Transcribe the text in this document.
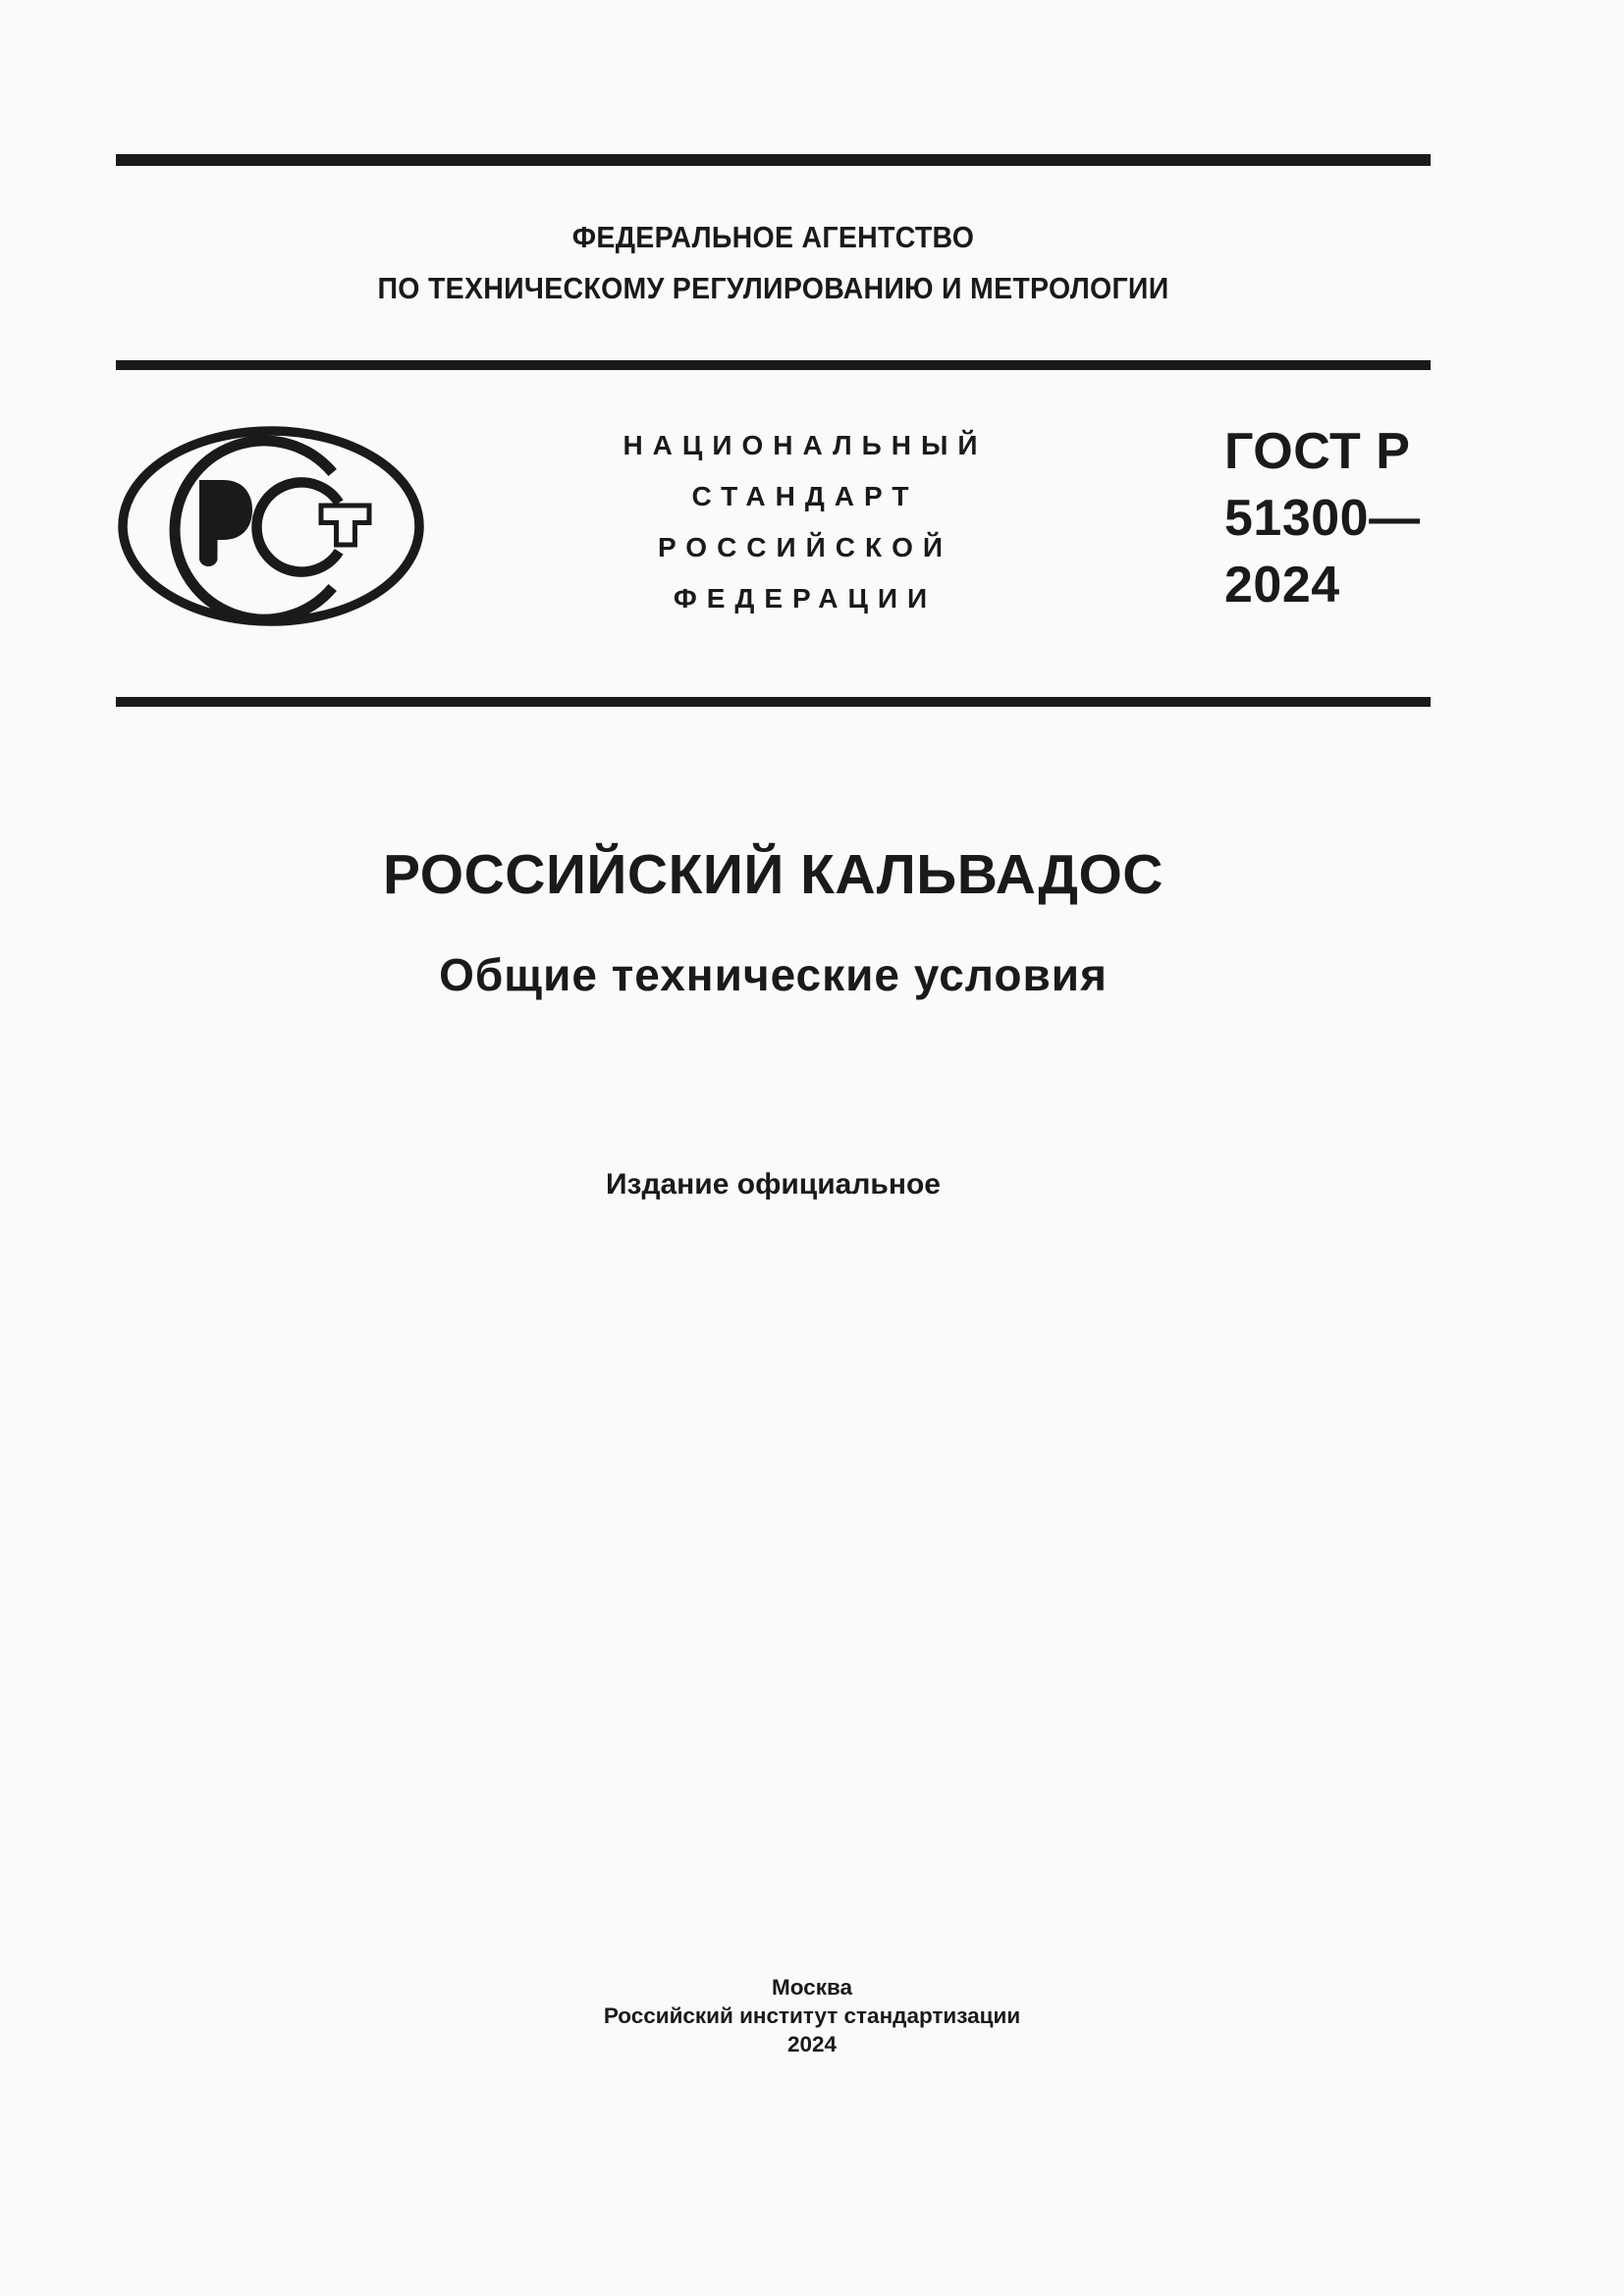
ФЕДЕРАЛЬНОЕ АГЕНТСТВО
ПО ТЕХНИЧЕСКОМУ РЕГУЛИРОВАНИЮ И МЕТРОЛОГИИ
НАЦИОНАЛЬНЫЙ
СТАНДАРТ
РОССИЙСКОЙ
ФЕДЕРАЦИИ
ГОСТ Р
51300—
2024
РОССИЙСКИЙ КАЛЬВАДОС
Общие технические условия
Издание официальное
Москва
Российский институт стандартизации
2024
